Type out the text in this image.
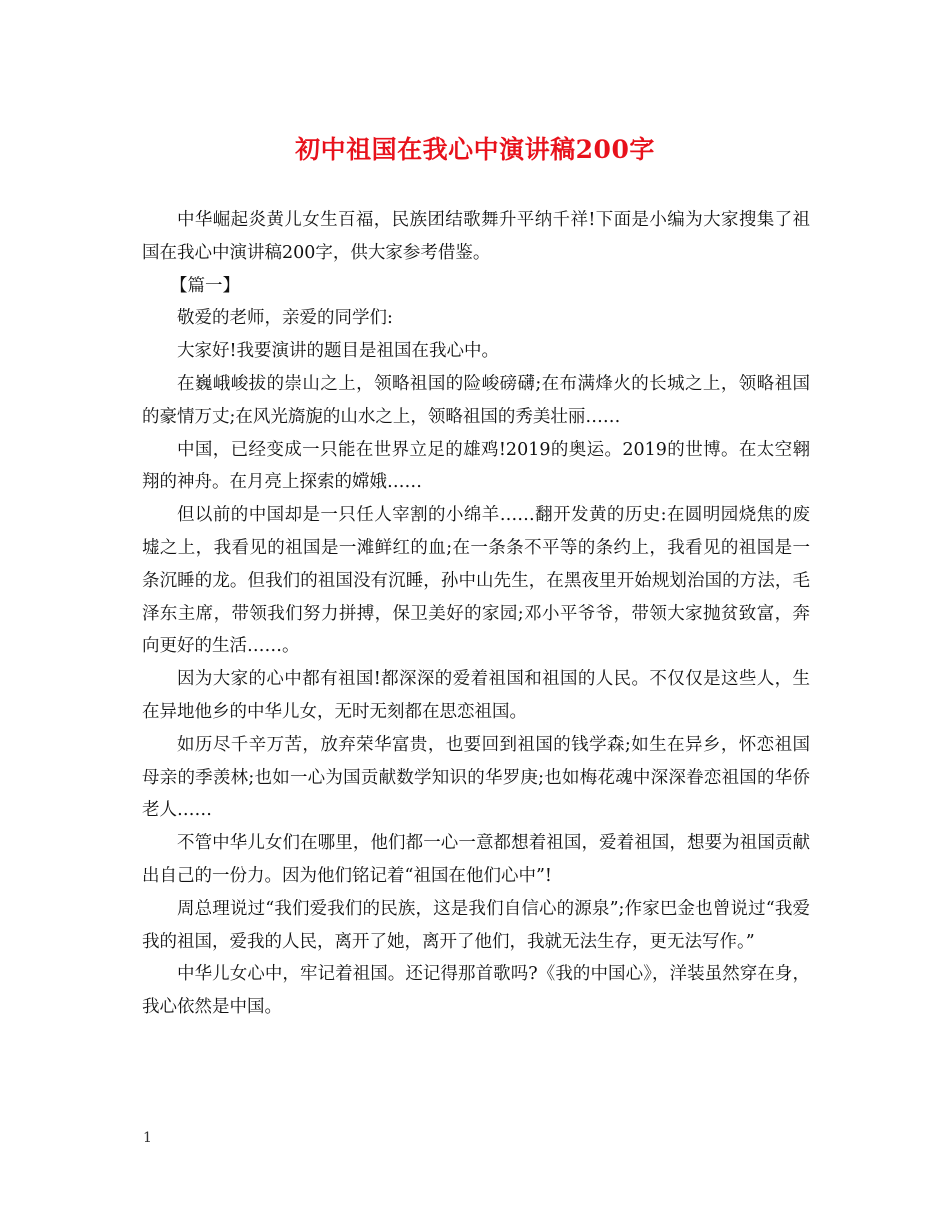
初中祖国在我心中演讲稿200字

中华崛起炎黄儿女生百福，民族团结歌舞升平纳千祥!下面是小编为大家搜集了祖国在我心中演讲稿200字，供大家参考借鉴。

【篇一】

敬爱的老师，亲爱的同学们:

大家好!我要演讲的题目是祖国在我心中。

在巍峨峻拔的崇山之上，领略祖国的险峻磅礴;在布满烽火的长城之上，领略祖国的豪情万丈;在风光旖旎的山水之上，领略祖国的秀美壮丽……

中国，已经变成一只能在世界立足的雄鸡!2019的奥运。2019的世博。在太空翱翔的神舟。在月亮上探索的嫦娥……

但以前的中国却是一只任人宰割的小绵羊……翻开发黄的历史:在圆明园烧焦的废墟之上，我看见的祖国是一滩鲜红的血;在一条条不平等的条约上，我看见的祖国是一条沉睡的龙。但我们的祖国没有沉睡，孙中山先生，在黑夜里开始规划治国的方法，毛泽东主席，带领我们努力拼搏，保卫美好的家园;邓小平爷爷，带领大家抛贫致富，奔向更好的生活……。

因为大家的心中都有祖国!都深深的爱着祖国和祖国的人民。不仅仅是这些人，生在异地他乡的中华儿女，无时无刻都在思恋祖国。

如历尽千辛万苦，放弃荣华富贵，也要回到祖国的钱学森;如生在异乡，怀恋祖国母亲的季羡林;也如一心为国贡献数学知识的华罗庚;也如梅花魂中深深眷恋祖国的华侨老人……

不管中华儿女们在哪里，他们都一心一意都想着祖国，爱着祖国，想要为祖国贡献出自己的一份力。因为他们铭记着“祖国在他们心中”!

周总理说过“我们爱我们的民族，这是我们自信心的源泉”;作家巴金也曾说过“我爱我的祖国，爱我的人民，离开了她，离开了他们，我就无法生存，更无法写作。”

中华儿女心中，牢记着祖国。还记得那首歌吗?《我的中国心》，洋装虽然穿在身，我心依然是中国。

1
